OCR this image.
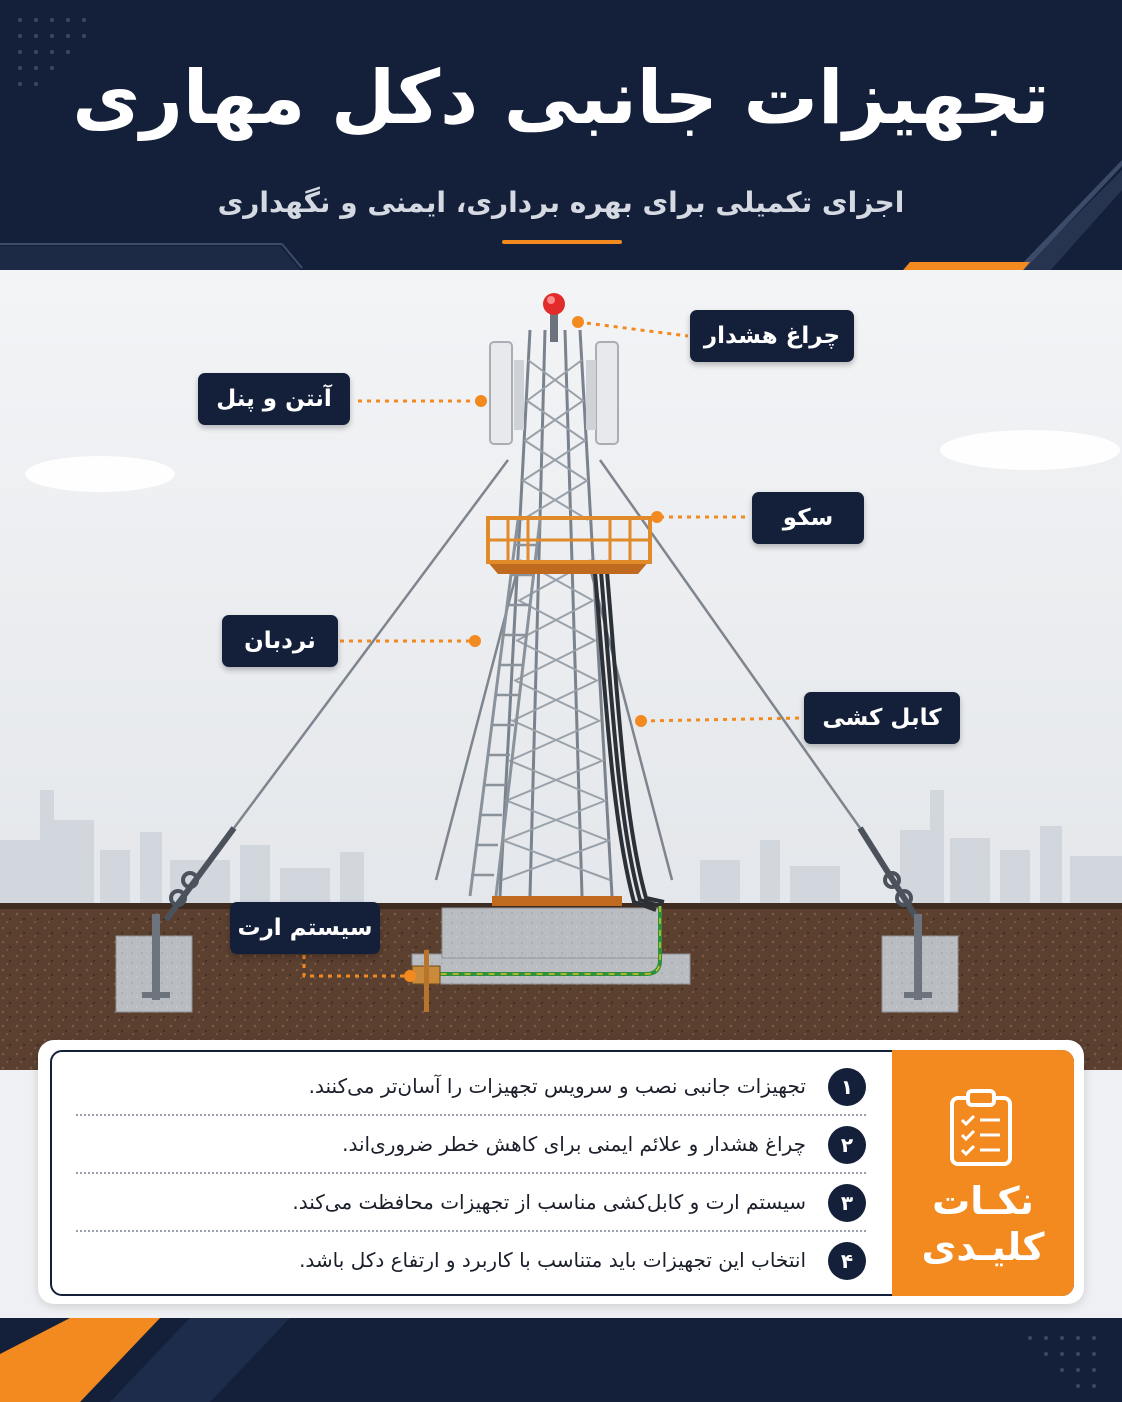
تجهیزات جانبی دکل مهاری
اجزای تکمیلی برای بهره برداری، ایمنی و نگهداری
چراغ هشدار
آنتن و پنل
سکو
نردبان
کابل کشی
سیستم ارت
نکـات
کلیـدی
۱
تجهیزات جانبی نصب و سرویس تجهیزات را آسان‌تر می‌کنند.
۲
چراغ هشدار و علائم ایمنی برای کاهش خطر ضروری‌اند.
۳
سیستم ارت و کابل‌کشی مناسب از تجهیزات محافظت می‌کند.
۴
انتخاب این تجهیزات باید متناسب با کاربرد و ارتفاع دکل باشد.
